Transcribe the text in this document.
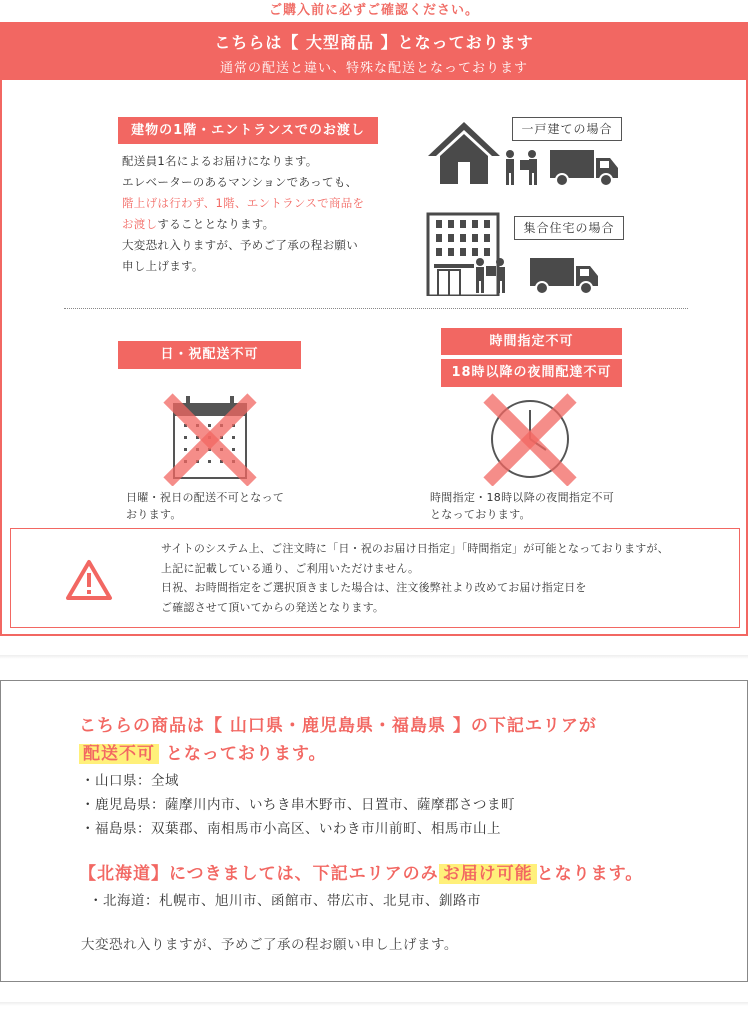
ご購入前に必ずご確認ください。
こちらは【 大型商品 】となっております
通常の配送と違い、特殊な配送となっております
建物の1階・エントランスでのお渡し
配送員1名によるお届けになります。
エレベーターのあるマンションであっても、
階上げは行わず、1階、エントランスで商品を
お渡しすることとなります。
大変恐れ入りますが、予めご了承の程お願い
申し上げます。
一戸建ての場合
集合住宅の場合
日・祝配送不可
日曜・祝日の配送不可となって
おります。
時間指定不可
18時以降の夜間配達不可
時間指定・18時以降の夜間指定不可
となっております。
サイトのシステム上、ご注文時に「日・祝のお届け日指定」「時間指定」が可能となっておりますが、
上記に記載している通り、ご利用いただけません。
日祝、お時間指定をご選択頂きました場合は、注文後弊社より改めてお届け指定日を
ご確認させて頂いてからの発送となります。
こちらの商品は【 山口県・鹿児島県・福島県 】の下記エリアが
配送不可 となっております。
・山口県：全域
・鹿児島県：薩摩川内市、いちき串木野市、日置市、薩摩郡さつま町
・福島県：双葉郡、南相馬市小高区、いわき市川前町、相馬市山上
【北海道】につきましては、下記エリアのみ お届け可能 となります。
・北海道：札幌市、旭川市、函館市、帯広市、北見市、釧路市
大変恐れ入りますが、予めご了承の程お願い申し上げます。
